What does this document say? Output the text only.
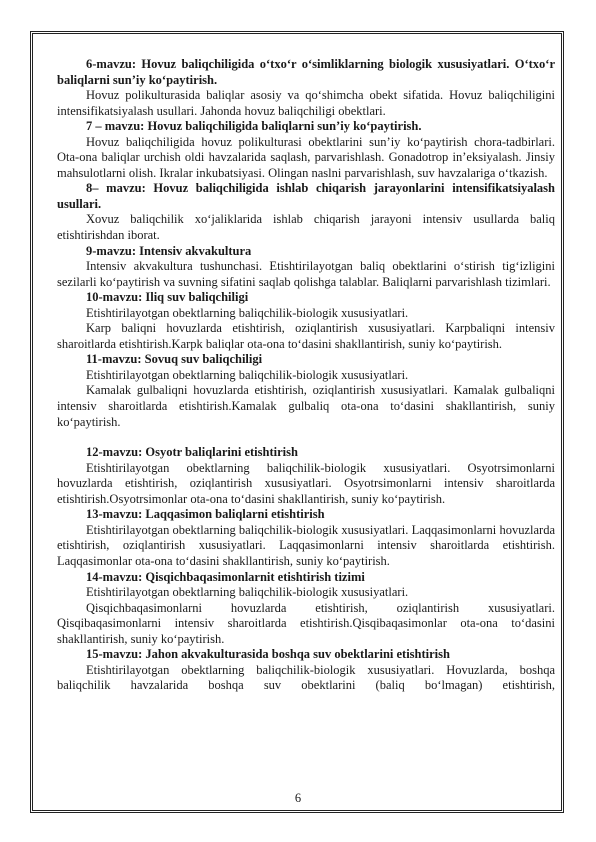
6-mavzu: Hovuz baliqchiligida o‘txo‘r o‘simliklarning biologik xususiyatlari. O‘txo‘r baliqlarni sun’iy ko‘paytirish.

Hovuz polikulturasida baliqlar asosiy va qo‘shimcha obekt sifatida. Hovuz baliqchiligini intensifikatsiyalash usullari. Jahonda hovuz baliqchiligi obektlari.

7 – mavzu: Hovuz baliqchiligida baliqlarni sun’iy ko‘paytirish.

Hovuz baliqchiligida hovuz polikulturasi obektlarini sun’iy ko‘paytirish chora-tadbirlari. Ota-ona baliqlar urchish oldi havzalarida saqlash, parvarishlash. Gonadotrop in’eksiyalash. Jinsiy mahsulotlarni olish. Ikralar inkubatsiyasi. Olingan naslni parvarishlash, suv havzalariga o‘tkazish.

8– mavzu: Hovuz baliqchiligida ishlab chiqarish jarayonlarini intensifikatsiyalash usullari.

Xovuz baliqchilik xo‘jaliklarida ishlab chiqarish jarayoni intensiv usullarda baliq etishtirishdan iborat.

9-mavzu: Intensiv akvakultura

Intensiv akvakultura tushunchasi. Etishtirilayotgan baliq obektlarini o‘stirish tig‘izligini sezilarli ko‘paytirish va suvning sifatini saqlab qolishga talablar. Baliqlarni parvarishlash tizimlari.

10-mavzu: Iliq suv baliqchiligi

Etishtirilayotgan obektlarning baliqchilik-biologik xususiyatlari.

Karp baliqni hovuzlarda etishtirish, oziqlantirish xususiyatlari. Karpbaliqni intensiv sharoitlarda etishtirish.Karpk baliqlar ota-ona to‘dasini shakllantirish, suniy ko‘paytirish.

11-mavzu: Sovuq suv baliqchiligi

Etishtirilayotgan obektlarning baliqchilik-biologik xususiyatlari.

Kamalak gulbaliqni hovuzlarda etishtirish, oziqlantirish xususiyatlari. Kamalak gulbaliqni intensiv sharoitlarda etishtirish.Kamalak gulbaliq ota-ona to‘dasini shakllantirish, suniy ko‘paytirish.

12-mavzu: Osyotr baliqlarini etishtirish

Etishtirilayotgan obektlarning baliqchilik-biologik xususiyatlari. Osyotrsimonlarni hovuzlarda etishtirish, oziqlantirish xususiyatlari. Osyotrsimonlarni intensiv sharoitlarda etishtirish.Osyotrsimonlar ota-ona to‘dasini shakllantirish, suniy ko‘paytirish.

13-mavzu: Laqqasimon baliqlarni etishtirish

Etishtirilayotgan obektlarning baliqchilik-biologik xususiyatlari. Laqqasimonlarni hovuzlarda etishtirish, oziqlantirish xususiyatlari. Laqqasimonlarni intensiv sharoitlarda etishtirish. Laqqasimonlar ota-ona to‘dasini shakllantirish, suniy ko‘paytirish.

14-mavzu: Qisqichbaqasimonlarnit etishtirish tizimi

Etishtirilayotgan obektlarning baliqchilik-biologik xususiyatlari.

Qisqichbaqasimonlarni hovuzlarda etishtirish, oziqlantirish xususiyatlari. Qisqibaqasimonlarni intensiv sharoitlarda etishtirish.Qisqibaqasimonlar ota-ona to‘dasini shakllantirish, suniy ko‘paytirish.

15-mavzu: Jahon akvakulturasida boshqa suv obektlarini etishtirish

Etishtirilayotgan obektlarning baliqchilik-biologik xususiyatlari. Hovuzlarda, boshqa baliqchilik havzalarida boshqa suv obektlarini (baliq bo‘lmagan) etishtirish,

6
